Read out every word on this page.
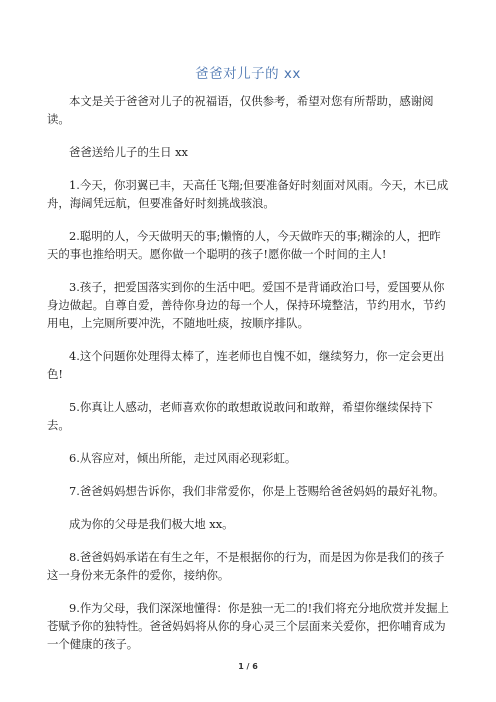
爸爸对儿子的 xx

本文是关于爸爸对儿子的祝福语，仅供参考，希望对您有所帮助，感谢阅读。

爸爸送给儿子的生日 xx

1.今天，你羽翼已丰，天高任飞翔;但要准备好时刻面对风雨。今天，木已成舟，海阔凭远航，但要准备好时刻挑战骇浪。

2.聪明的人，今天做明天的事;懒惰的人，今天做昨天的事;糊涂的人，把昨天的事也推给明天。愿你做一个聪明的孩子!愿你做一个时间的主人!

3.孩子，把爱国落实到你的生活中吧。爱国不是背诵政治口号，爱国要从你身边做起。自尊自爱，善待你身边的每一个人，保持环境整洁，节约用水，节约用电，上完厕所要冲洗，不随地吐痰，按顺序排队。

4.这个问题你处理得太棒了，连老师也自愧不如，继续努力，你一定会更出色!

5.你真让人感动，老师喜欢你的敢想敢说敢问和敢辩，希望你继续保持下去。

6.从容应对，倾出所能，走过风雨必现彩虹。

7.爸爸妈妈想告诉你，我们非常爱你，你是上苍赐给爸爸妈妈的最好礼物。

成为你的父母是我们极大地 xx。

8.爸爸妈妈承诺在有生之年，不是根据你的行为，而是因为你是我们的孩子这一身份来无条件的爱你，接纳你。

9.作为父母，我们深深地懂得：你是独一无二的!我们将充分地欣赏并发掘上苍赋予你的独特性。爸爸妈妈将从你的身心灵三个层面来关爱你，把你哺育成为一个健康的孩子。

1 / 6
